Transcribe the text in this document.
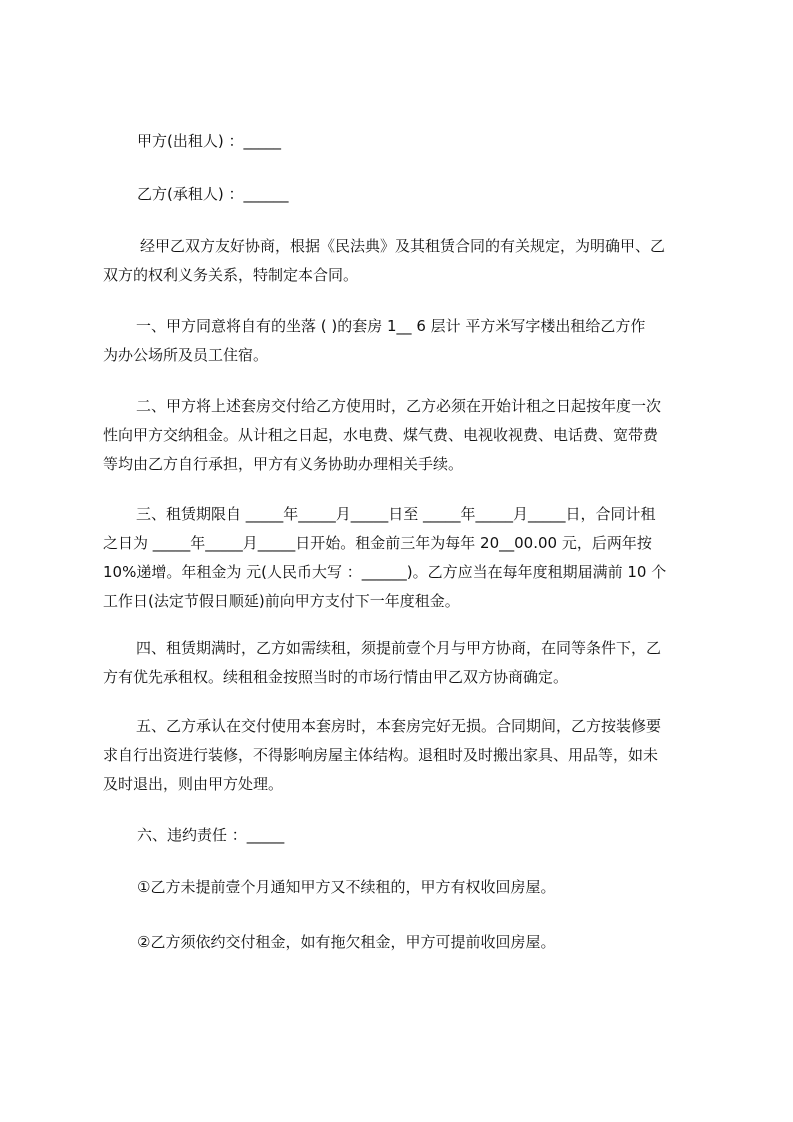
甲方(出租人) ：_____

乙方(承租人) ：______

经甲乙双方友好协商，根据《民法典》及其租赁合同的有关规定，为明确甲、乙
双方的权利义务关系，特制定本合同。
一、甲方同意将自有的坐落 ( )的套房 1__ 6 层计 平方米写字楼出租给乙方作
为办公场所及员工住宿。
二、甲方将上述套房交付给乙方使用时，乙方必须在开始计租之日起按年度一次
性向甲方交纳租金。从计租之日起，水电费、煤气费、电视收视费、电话费、宽带费
等均由乙方自行承担，甲方有义务协助办理相关手续。
三、租赁期限自 _____年_____月_____日至 _____年_____月_____日，合同计租
之日为 _____年_____月_____日开始。租金前三年为每年 20__00.00 元，后两年按
10%递增。年租金为 元(人民币大写 ：______)。乙方应当在每年度租期届满前 10 个
工作日(法定节假日顺延)前向甲方支付下一年度租金。
四、租赁期满时，乙方如需续租，须提前壹个月与甲方协商，在同等条件下，乙
方有优先承租权。续租租金按照当时的市场行情由甲乙双方协商确定。
五、乙方承认在交付使用本套房时，本套房完好无损。合同期间，乙方按装修要
求自行出资进行装修，不得影响房屋主体结构。退租时及时搬出家具、用品等，如未
及时退出，则由甲方处理。

六、违约责任 ：_____

①乙方未提前壹个月通知甲方又不续租的，甲方有权收回房屋。

②乙方须依约交付租金，如有拖欠租金，甲方可提前收回房屋。
